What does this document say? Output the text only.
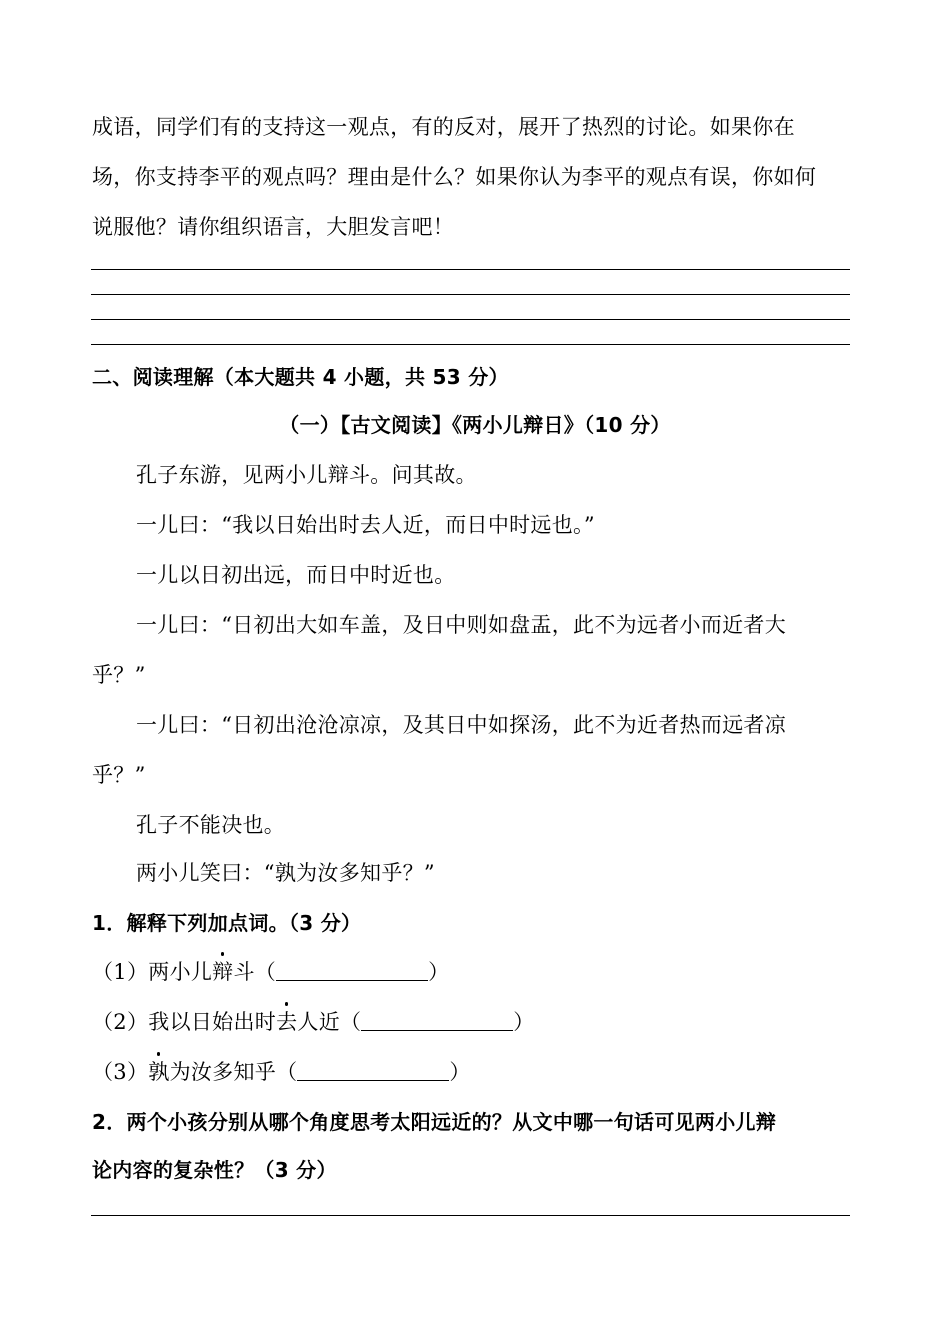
成语，同学们有的支持这一观点，有的反对，展开了热烈的讨论。如果你在
场，你支持李平的观点吗？理由是什么？如果你认为李平的观点有误，你如何
说服他？请你组织语言，大胆发言吧！
二、阅读理解（本大题共 4 小题，共 53 分）
（一）【古文阅读】《两小儿辩日》（10 分）
孔子东游，见两小儿辩斗。问其故。
一儿曰：“我以日始出时去人近，而日中时远也。”
一儿以日初出远，而日中时近也。
一儿曰：“日初出大如车盖，及日中则如盘盂，此不为远者小而近者大
乎？”
一儿曰：“日初出沧沧凉凉，及其日中如探汤，此不为近者热而远者凉
乎？”
孔子不能决也。
两小儿笑曰：“孰为汝多知乎？”
1．解释下列加点词。（3 分）
（1）两小儿辩斗（	）
（2）我以日始出时去人近（	）
（3）孰为汝多知乎（	）
2．两个小孩分别从哪个角度思考太阳远近的？从文中哪一句话可见两小儿辩
论内容的复杂性？（3 分）
